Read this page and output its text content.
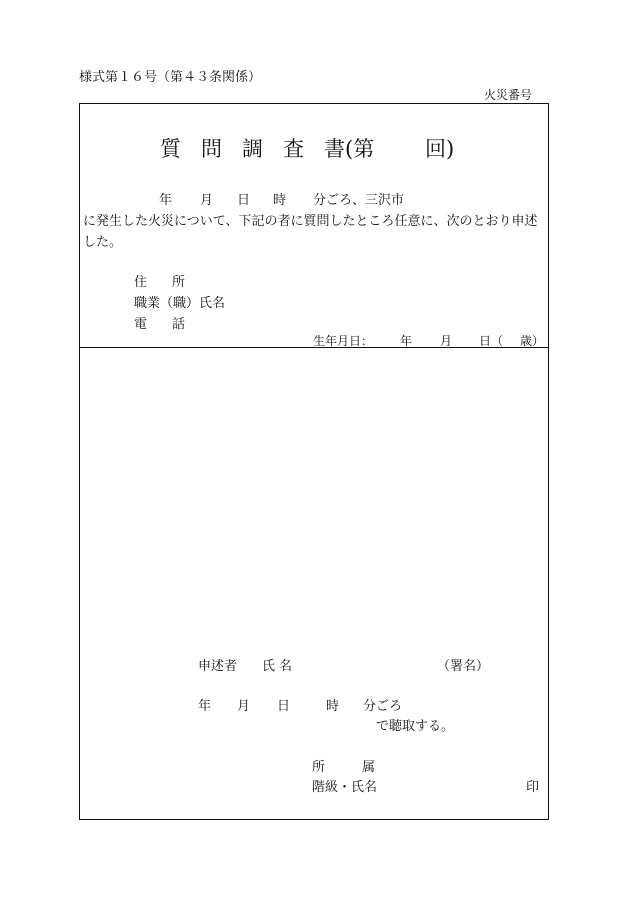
様式第１６号（第４３条関係）
火災番号
質 問 調 査 書 (第 回)
年 月 日 時 分ごろ、三沢市
に発生した火災について、下記の者に質問したところ任意に、次のとおり申述
した。
住 所
職業（職）氏名
電 話
生年月日： 年 月 日（ 歳）
申述者 氏 名	（署名）
年 月 日	時 分ごろ
で聴取する。
所	属
階級・氏名	印
